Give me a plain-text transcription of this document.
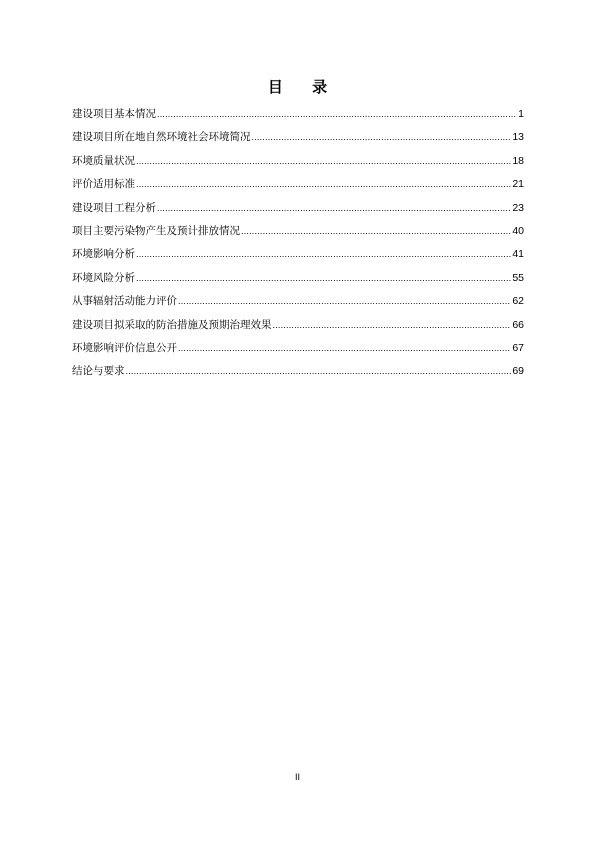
目 录
建设项目基本情况 .....	1
建设项目所在地自然环境社会环境简况 .....	13
环境质量状况 .....	18
评价适用标准 .....	21
建设项目工程分析 .....	23
项目主要污染物产生及预计排放情况 .....	40
环境影响分析 .....	41
环境风险分析 .....	55
从事辐射活动能力评价 .....	62
建设项目拟采取的防治措施及预期治理效果 .....	66
环境影响评价信息公开 .....	67
结论与要求 .....	69
II
